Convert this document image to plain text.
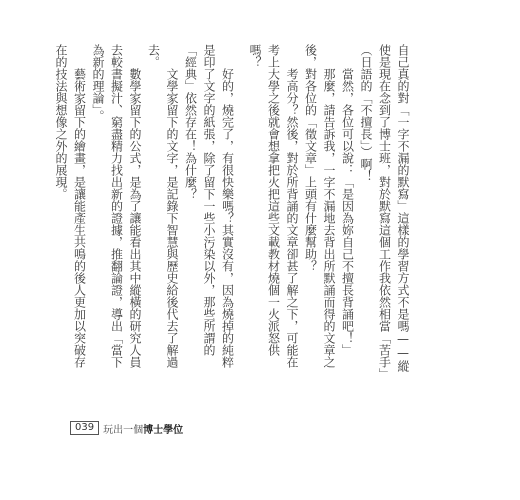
自己真的對「一字不漏的默寫」這樣的學習方式不是嗎——縱使是現在念到了博士班，對於默寫這個工作我依然相當「苦手」（日語的「不擅長」）啊！

當然，各位可以說：「是因為妳自己不擅長背誦吧！」

那麼，請告訴我，一字不漏地去背出所默誦而得的文章之後，對各位的「徵文章」上頭有什麼幫助？

考高分？然後，對於所背誦的文章卻甚了解之下，可能在考上大學之後就會想拿把火把這些文載教材燒個一火派怒供嗎？

好的，燒完了，有很快樂嗎？其實沒有，因為燒掉的純粹是印了文字的紙張，除了留下一些小污染以外，那些所謂的「經典」依然存在！為什麼？

文學家留下的文字，是記錄下智慧與歷史給後代去了解過去。

數學家留下的公式，是為了讓能看出其中縱橫的研究人員去較書擬汁、窮盡精力找出新的證據，推翻論證，導出「當下為新的理論」。

藝術家留下的繪畫，是讓能產生共鳴的後人更加以突破存在的技法與想像之外的展現。

039 玩出一個博士學位
